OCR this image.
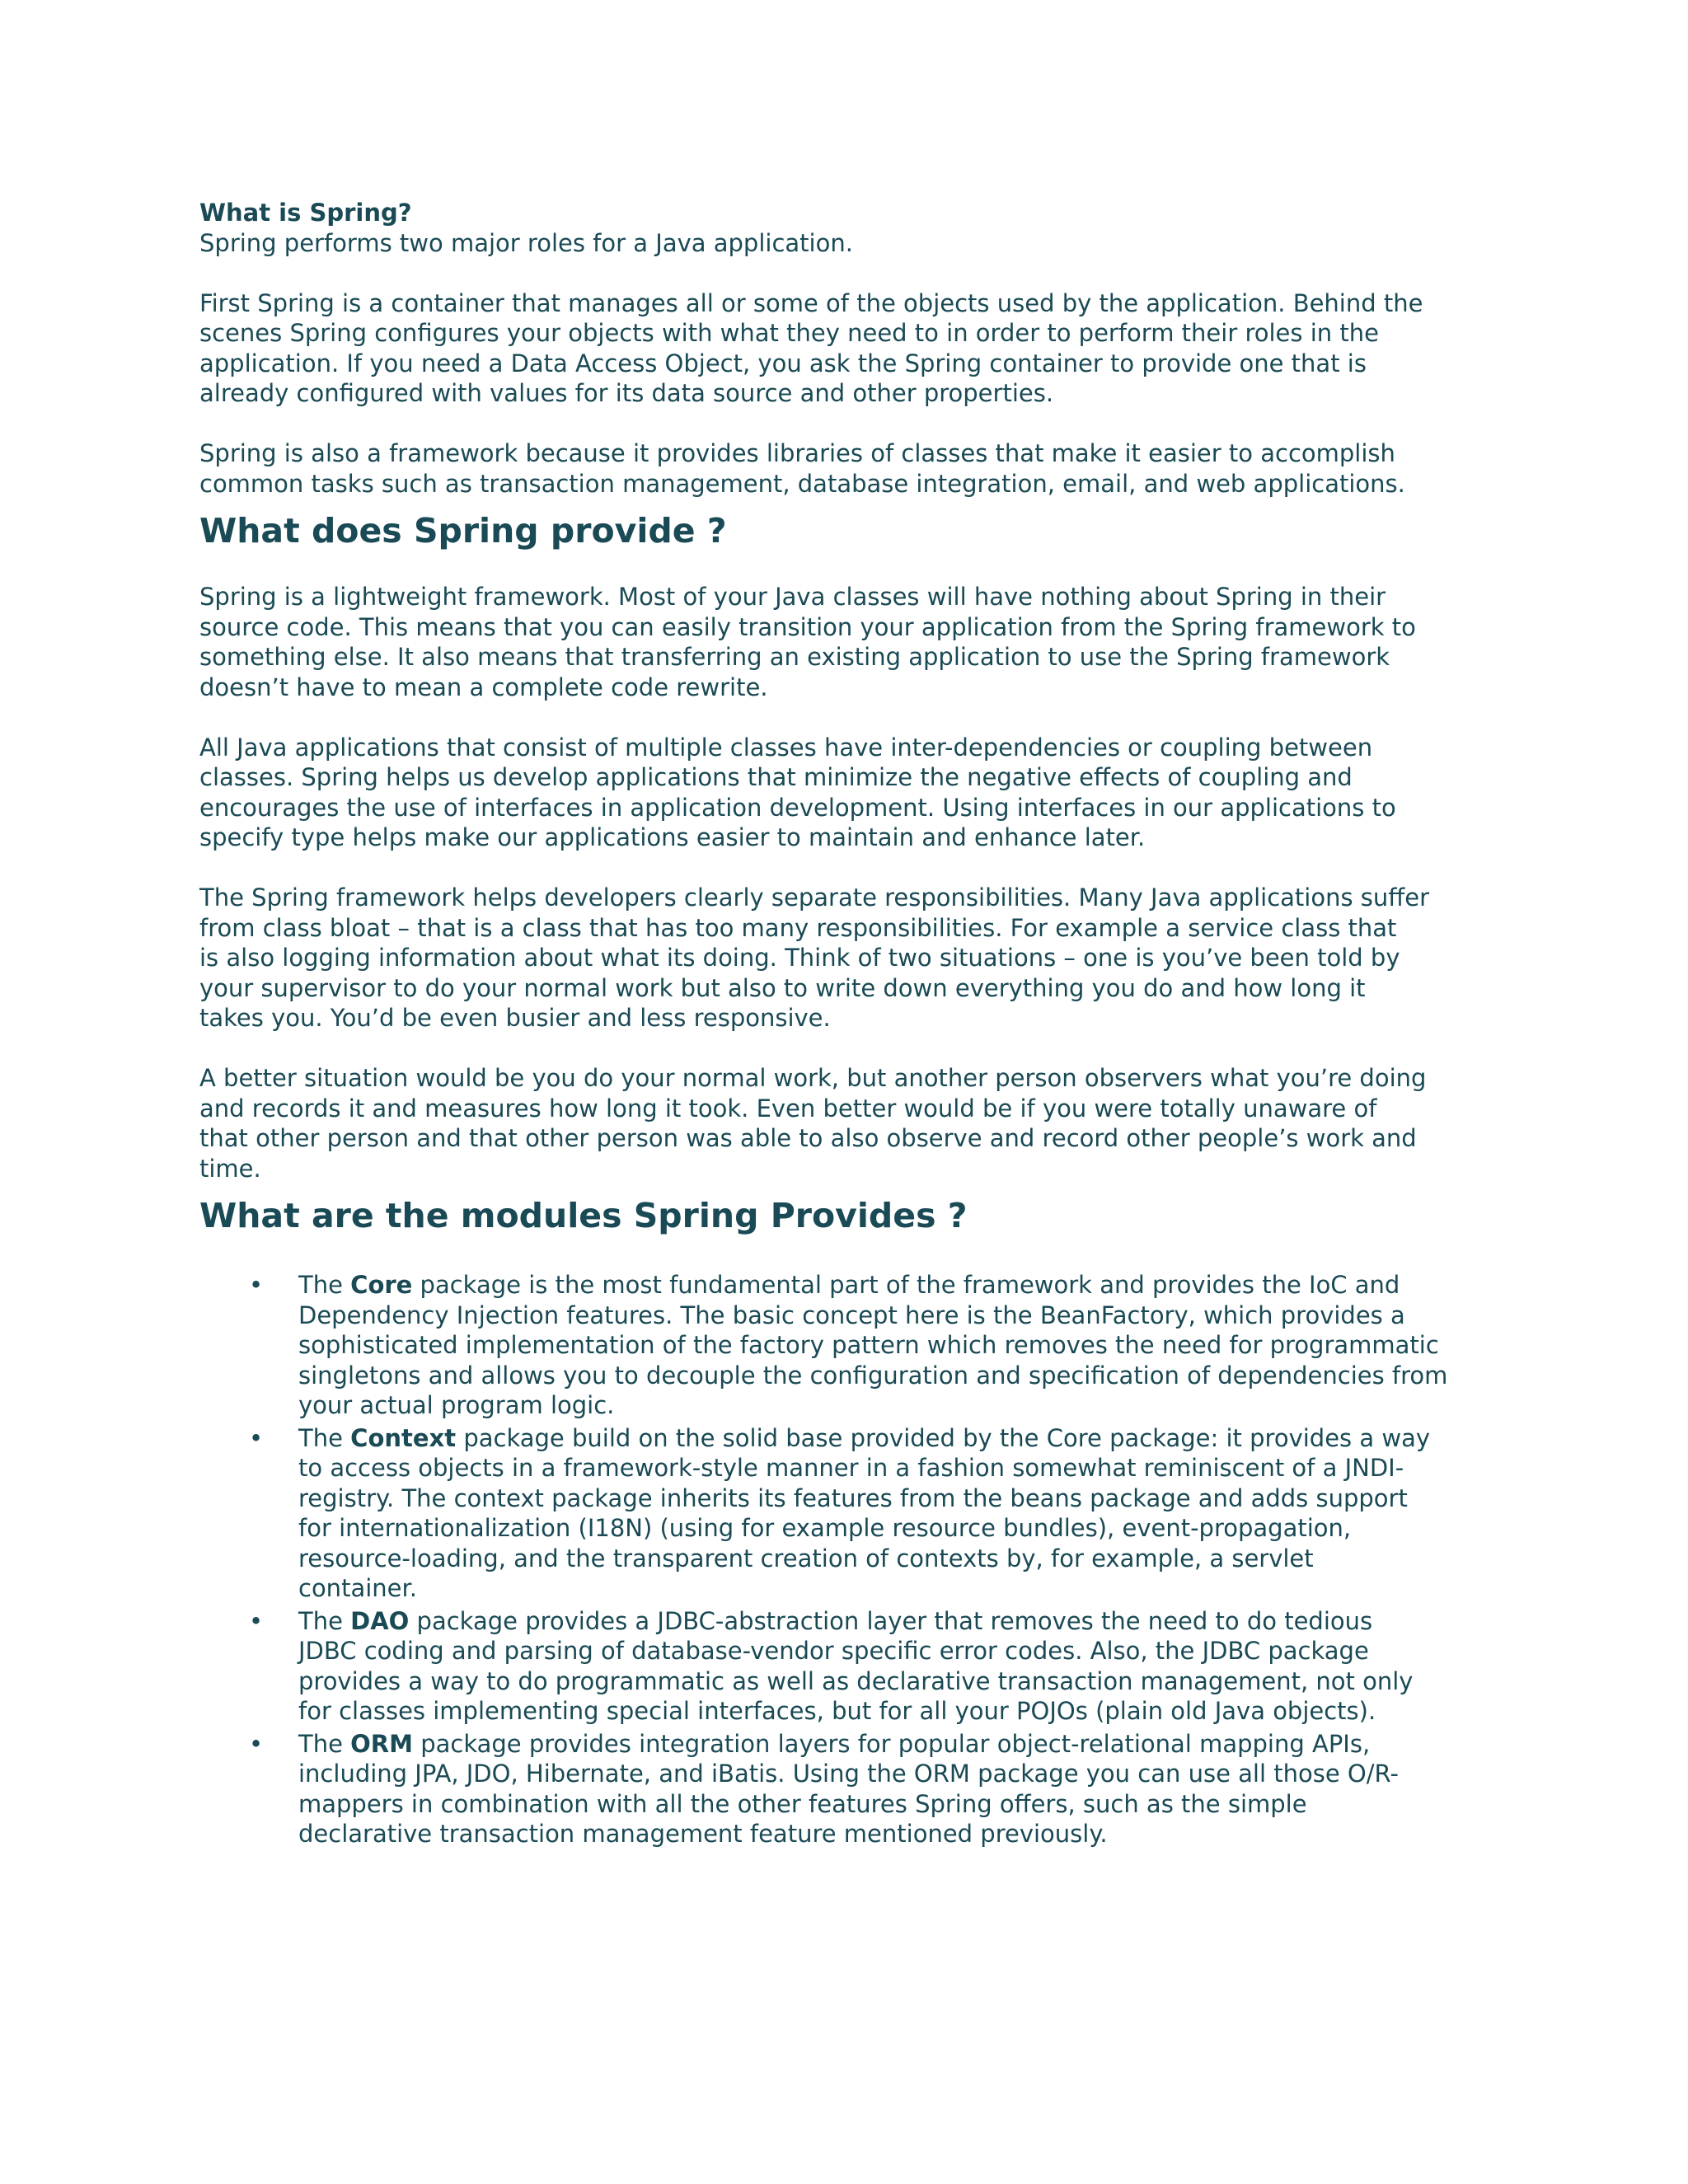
What is Spring?
Spring performs two major roles for a Java application.
First Spring is a container that manages all or some of the objects used by the application. Behind the
scenes Spring configures your objects with what they need to in order to perform their roles in the
application. If you need a Data Access Object, you ask the Spring container to provide one that is
already configured with values for its data source and other properties.
Spring is also a framework because it provides libraries of classes that make it easier to accomplish
common tasks such as transaction management, database integration, email, and web applications.
What does Spring provide ?
Spring is a lightweight framework. Most of your Java classes will have nothing about Spring in their
source code. This means that you can easily transition your application from the Spring framework to
something else. It also means that transferring an existing application to use the Spring framework
doesn’t have to mean a complete code rewrite.
All Java applications that consist of multiple classes have inter-dependencies or coupling between
classes. Spring helps us develop applications that minimize the negative effects of coupling and
encourages the use of interfaces in application development. Using interfaces in our applications to
specify type helps make our applications easier to maintain and enhance later.
The Spring framework helps developers clearly separate responsibilities. Many Java applications suffer
from class bloat – that is a class that has too many responsibilities. For example a service class that
is also logging information about what its doing. Think of two situations – one is you’ve been told by
your supervisor to do your normal work but also to write down everything you do and how long it
takes you. You’d be even busier and less responsive.
A better situation would be you do your normal work, but another person observers what you’re doing
and records it and measures how long it took. Even better would be if you were totally unaware of
that other person and that other person was able to also observe and record other people’s work and
time.
What are the modules Spring Provides ?
• The Core package is the most fundamental part of the framework and provides the IoC and
Dependency Injection features. The basic concept here is the BeanFactory, which provides a
sophisticated implementation of the factory pattern which removes the need for programmatic
singletons and allows you to decouple the configuration and specification of dependencies from
your actual program logic.
• The Context package build on the solid base provided by the Core package: it provides a way
to access objects in a framework-style manner in a fashion somewhat reminiscent of a JNDI-
registry. The context package inherits its features from the beans package and adds support
for internationalization (I18N) (using for example resource bundles), event-propagation,
resource-loading, and the transparent creation of contexts by, for example, a servlet
container.
• The DAO package provides a JDBC-abstraction layer that removes the need to do tedious
JDBC coding and parsing of database-vendor specific error codes. Also, the JDBC package
provides a way to do programmatic as well as declarative transaction management, not only
for classes implementing special interfaces, but for all your POJOs (plain old Java objects).
• The ORM package provides integration layers for popular object-relational mapping APIs,
including JPA, JDO, Hibernate, and iBatis. Using the ORM package you can use all those O/R-
mappers in combination with all the other features Spring offers, such as the simple
declarative transaction management feature mentioned previously.
